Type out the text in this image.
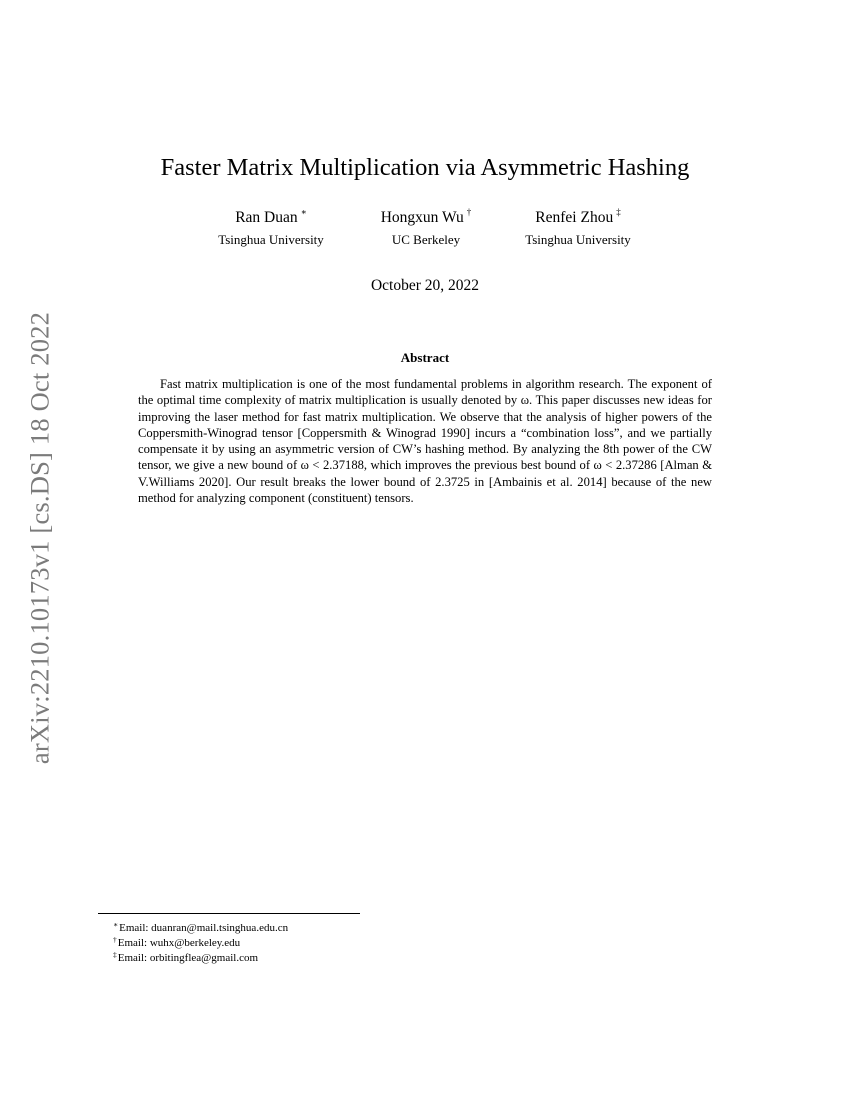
arXiv:2210.10173v1 [cs.DS] 18 Oct 2022
Faster Matrix Multiplication via Asymmetric Hashing
Ran Duan ∗
Tsinghua University
Hongxun Wu †
UC Berkeley
Renfei Zhou ‡
Tsinghua University
October 20, 2022
Abstract

Fast matrix multiplication is one of the most fundamental problems in algorithm research. The exponent of the optimal time complexity of matrix multiplication is usually denoted by ω. This paper discusses new ideas for improving the laser method for fast matrix multiplication. We observe that the analysis of higher powers of the Coppersmith-Winograd tensor [Coppersmith & Winograd 1990] incurs a “combination loss”, and we partially compensate it by using an asymmetric version of CW’s hashing method. By analyzing the 8th power of the CW tensor, we give a new bound of ω < 2.37188, which improves the previous best bound of ω < 2.37286 [Alman & V.Williams 2020]. Our result breaks the lower bound of 2.3725 in [Ambainis et al. 2014] because of the new method for analyzing component (constituent) tensors.

∗Email: duanran@mail.tsinghua.edu.cn
†Email: wuhx@berkeley.edu
‡Email: orbitingflea@gmail.com
